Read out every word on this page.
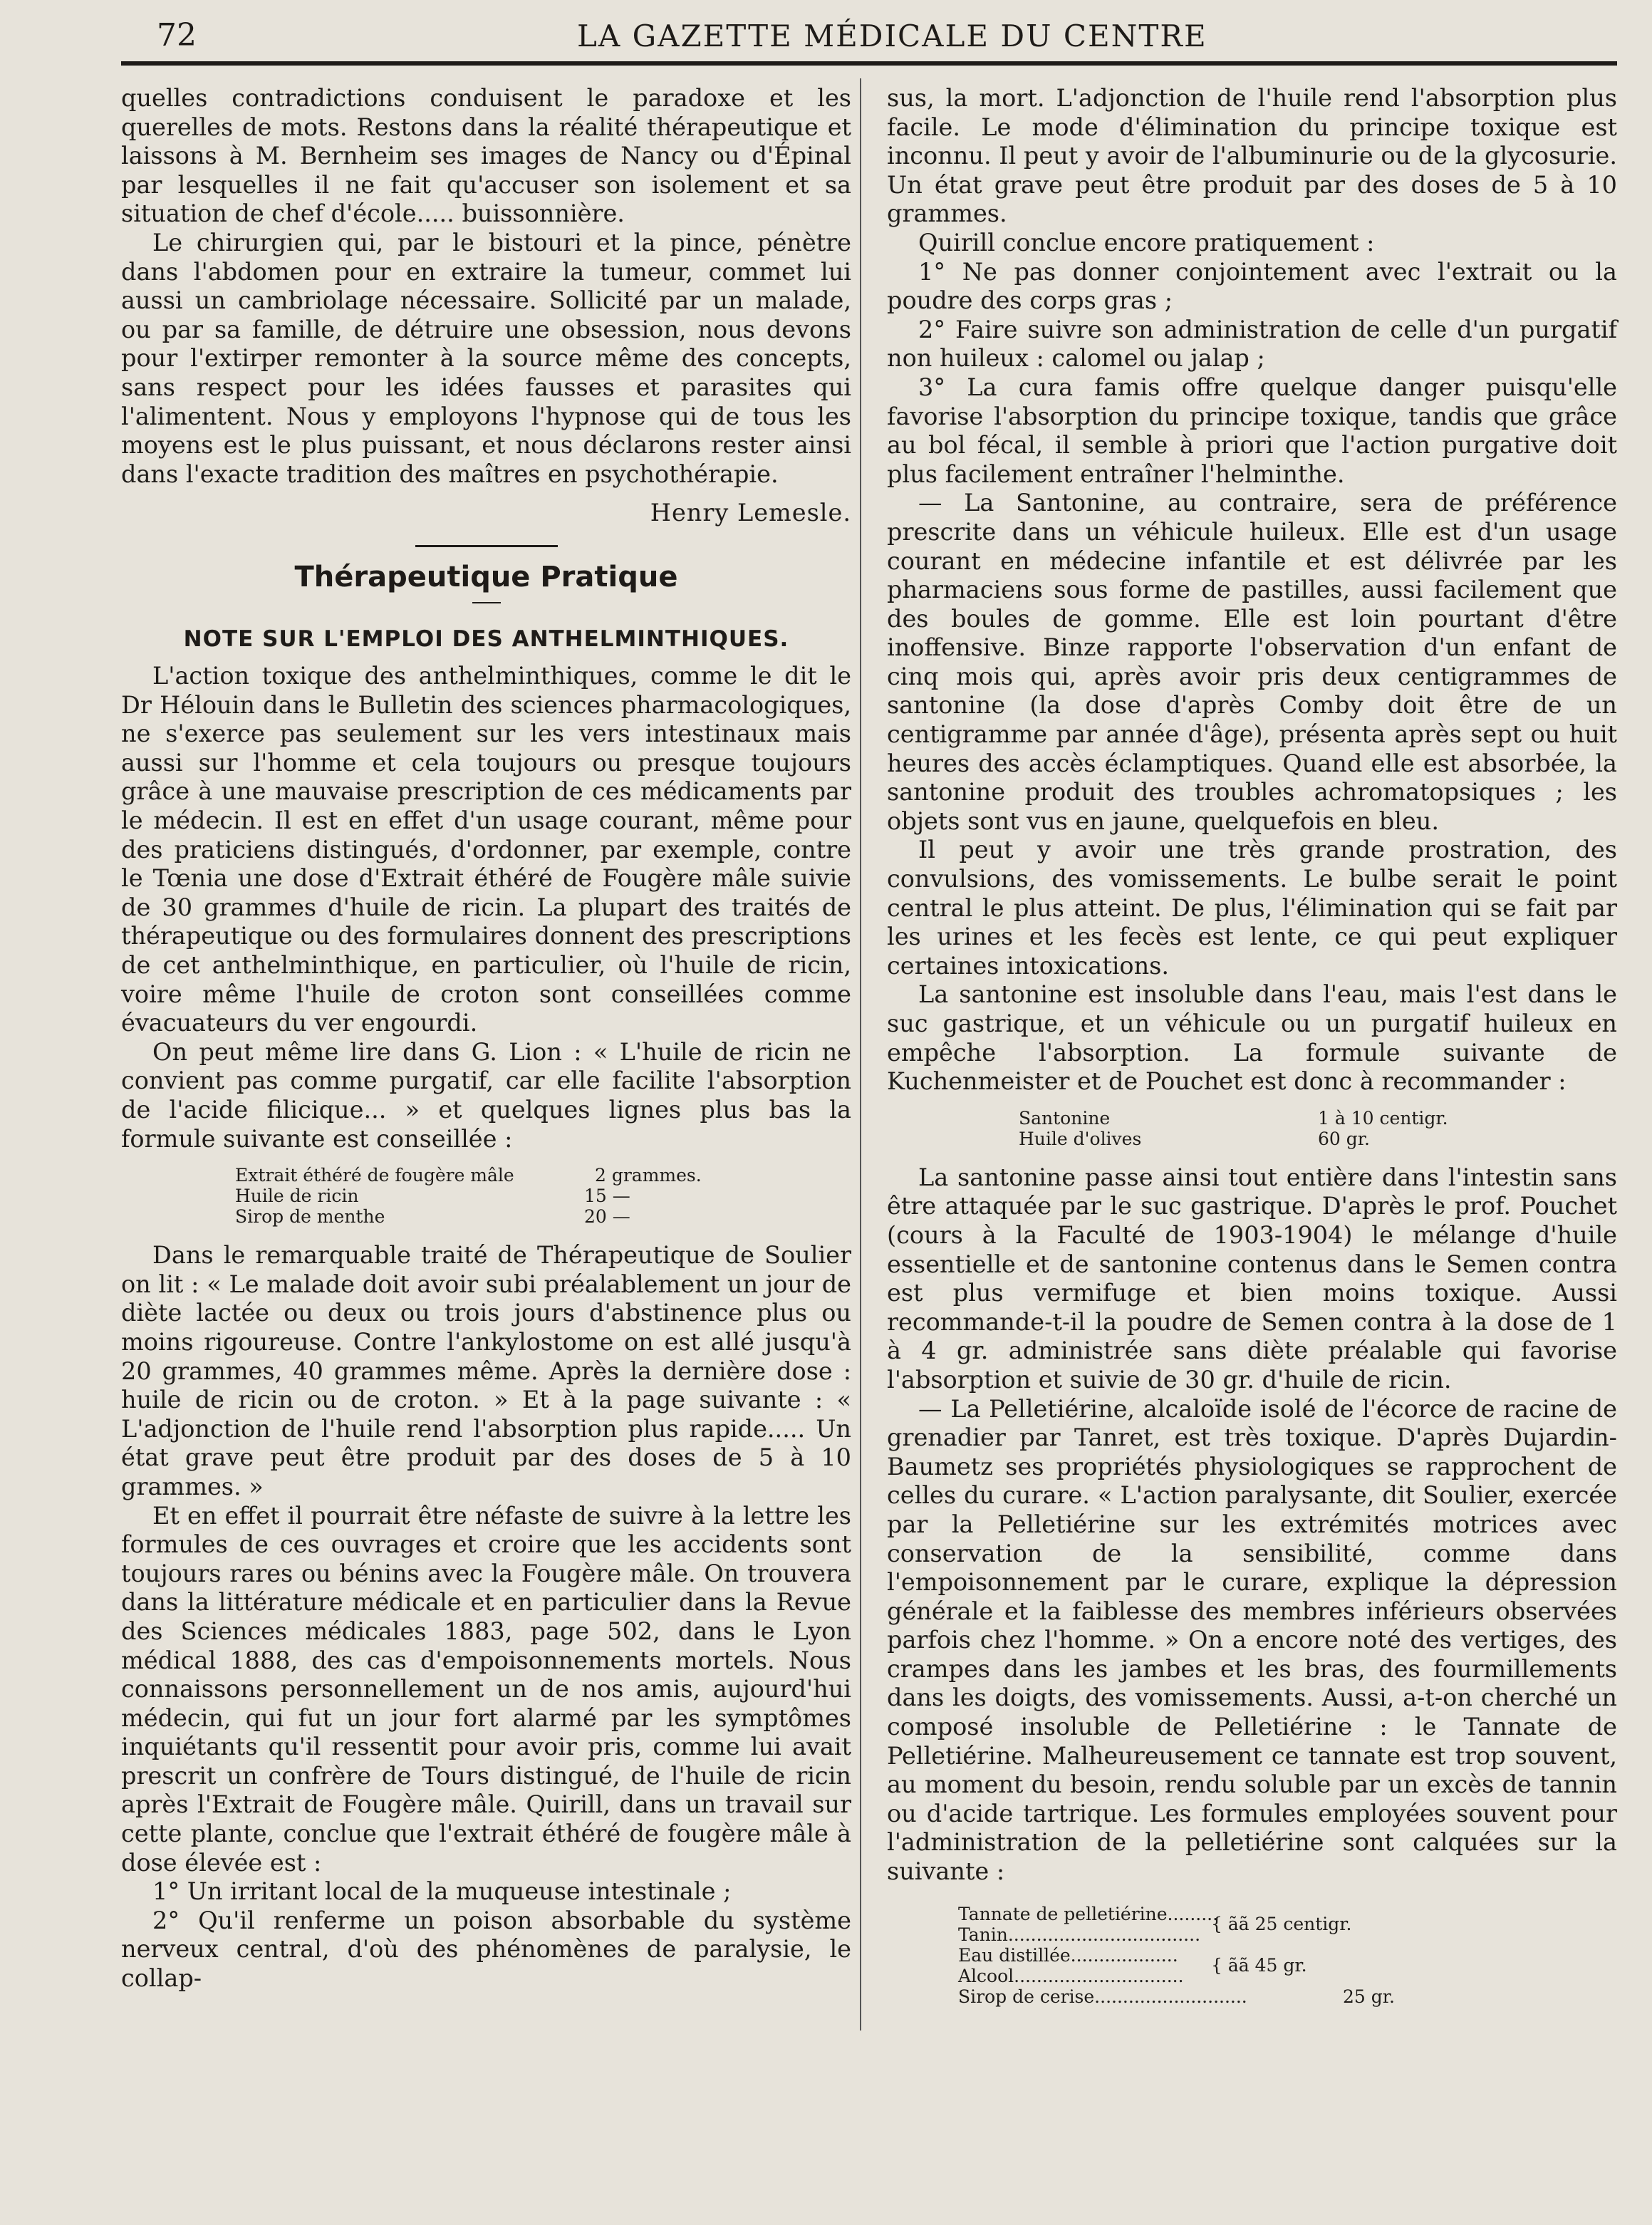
72	LA GAZETTE MÉDICALE DU CENTRE

quelles contradictions conduisent le paradoxe et les querelles de mots. Restons dans la réalité thérapeutique et laissons à M. Bernheim ses images de Nancy ou d'Épinal par lesquelles il ne fait qu'accuser son isolement et sa situation de chef d'école..... buissonnière.

Le chirurgien qui, par le bistouri et la pince, pénètre dans l'abdomen pour en extraire la tumeur, commet lui aussi un cambriolage nécessaire. Sollicité par un malade, ou par sa famille, de détruire une obsession, nous devons pour l'extirper remonter à la source même des concepts, sans respect pour les idées fausses et parasites qui l'alimentent. Nous y employons l'hypnose qui de tous les moyens est le plus puissant, et nous déclarons rester ainsi dans l'exacte tradition des maîtres en psychothérapie.

Henry Lemesle.

Thérapeutique Pratique
NOTE SUR L'EMPLOI DES ANTHELMINTHIQUES.

L'action toxique des anthelminthiques, comme le dit le Dr Hélouin dans le Bulletin des sciences pharmacologiques, ne s'exerce pas seulement sur les vers intestinaux mais aussi sur l'homme et cela toujours ou presque toujours grâce à une mauvaise prescription de ces médicaments par le médecin. Il est en effet d'un usage courant, même pour des praticiens distingués, d'ordonner, par exemple, contre le Tœnia une dose d'Extrait éthéré de Fougère mâle suivie de 30 grammes d'huile de ricin. La plupart des traités de thérapeutique ou des formulaires donnent des prescriptions de cet anthelminthique, en particulier, où l'huile de ricin, voire même l'huile de croton sont conseillées comme évacuateurs du ver engourdi.

On peut même lire dans G. Lion : « L'huile de ricin ne convient pas comme purgatif, car elle facilite l'absorption de l'acide filicique... » et quelques lignes plus bas la formule suivante est conseillée :

Extrait éthéré de fougère mâle	2 grammes.
Huile de ricin	15 —
Sirop de menthe	20 —

Dans le remarquable traité de Thérapeutique de Soulier on lit : « Le malade doit avoir subi préalablement un jour de diète lactée ou deux ou trois jours d'abstinence plus ou moins rigoureuse. Contre l'ankylostome on est allé jusqu'à 20 grammes, 40 grammes même. Après la dernière dose : huile de ricin ou de croton. » Et à la page suivante : « L'adjonction de l'huile rend l'absorption plus rapide..... Un état grave peut être produit par des doses de 5 à 10 grammes. »

Et en effet il pourrait être néfaste de suivre à la lettre les formules de ces ouvrages et croire que les accidents sont toujours rares ou bénins avec la Fougère mâle. On trouvera dans la littérature médicale et en particulier dans la Revue des Sciences médicales 1883, page 502, dans le Lyon médical 1888, des cas d'empoisonnements mortels. Nous connaissons personnellement un de nos amis, aujourd'hui médecin, qui fut un jour fort alarmé par les symptômes inquiétants qu'il ressentit pour avoir pris, comme lui avait prescrit un confrère de Tours distingué, de l'huile de ricin après l'Extrait de Fougère mâle. Quirill, dans un travail sur cette plante, conclue que l'extrait éthéré de fougère mâle à dose élevée est :

1° Un irritant local de la muqueuse intestinale ;

2° Qu'il renferme un poison absorbable du système nerveux central, d'où des phénomènes de paralysie, le collap-

sus, la mort. L'adjonction de l'huile rend l'absorption plus facile. Le mode d'élimination du principe toxique est inconnu. Il peut y avoir de l'albuminurie ou de la glycosurie. Un état grave peut être produit par des doses de 5 à 10 grammes.

Quirill conclue encore pratiquement :

1° Ne pas donner conjointement avec l'extrait ou la poudre des corps gras ;

2° Faire suivre son administration de celle d'un purgatif non huileux : calomel ou jalap ;

3° La cura famis offre quelque danger puisqu'elle favorise l'absorption du principe toxique, tandis que grâce au bol fécal, il semble à priori que l'action purgative doit plus facilement entraîner l'helminthe.

— La Santonine, au contraire, sera de préférence prescrite dans un véhicule huileux. Elle est d'un usage courant en médecine infantile et est délivrée par les pharmaciens sous forme de pastilles, aussi facilement que des boules de gomme. Elle est loin pourtant d'être inoffensive. Binze rapporte l'observation d'un enfant de cinq mois qui, après avoir pris deux centigrammes de santonine (la dose d'après Comby doit être de un centigramme par année d'âge), présenta après sept ou huit heures des accès éclamptiques. Quand elle est absorbée, la santonine produit des troubles achromatopsiques ; les objets sont vus en jaune, quelquefois en bleu.

Il peut y avoir une très grande prostration, des convulsions, des vomissements. Le bulbe serait le point central le plus atteint. De plus, l'élimination qui se fait par les urines et les fecès est lente, ce qui peut expliquer certaines intoxications.

La santonine est insoluble dans l'eau, mais l'est dans le suc gastrique, et un véhicule ou un purgatif huileux en empêche l'absorption. La formule suivante de Kuchenmeister et de Pouchet est donc à recommander :

Santonine	1 à 10 centigr.
Huile d'olives	60 gr.

La santonine passe ainsi tout entière dans l'intestin sans être attaquée par le suc gastrique. D'après le prof. Pouchet (cours à la Faculté de 1903-1904) le mélange d'huile essentielle et de santonine contenus dans le Semen contra est plus vermifuge et bien moins toxique. Aussi recommande-t-il la poudre de Semen contra à la dose de 1 à 4 gr. administrée sans diète préalable qui favorise l'absorption et suivie de 30 gr. d'huile de ricin.

— La Pelletiérine, alcaloïde isolé de l'écorce de racine de grenadier par Tanret, est très toxique. D'après Dujardin-Baumetz ses propriétés physiologiques se rapprochent de celles du curare. « L'action paralysante, dit Soulier, exercée par la Pelletiérine sur les extrémités motrices avec conservation de la sensibilité, comme dans l'empoisonnement par le curare, explique la dépression générale et la faiblesse des membres inférieurs observées parfois chez l'homme. » On a encore noté des vertiges, des crampes dans les jambes et les bras, des fourmillements dans les doigts, des vomissements. Aussi, a-t-on cherché un composé insoluble de Pelletiérine : le Tannate de Pelletiérine. Malheureusement ce tannate est trop souvent, au moment du besoin, rendu soluble par un excès de tannin ou d'acide tartrique. Les formules employées souvent pour l'administration de la pelletiérine sont calquées sur la suivante :

Tannate de pelletiérine.........
Tanin..................................
{ ãã 25 centigr.
Eau distillée...................
Alcool..............................
{ ãã 45 gr.
Sirop de cerise...........................	25 gr.
